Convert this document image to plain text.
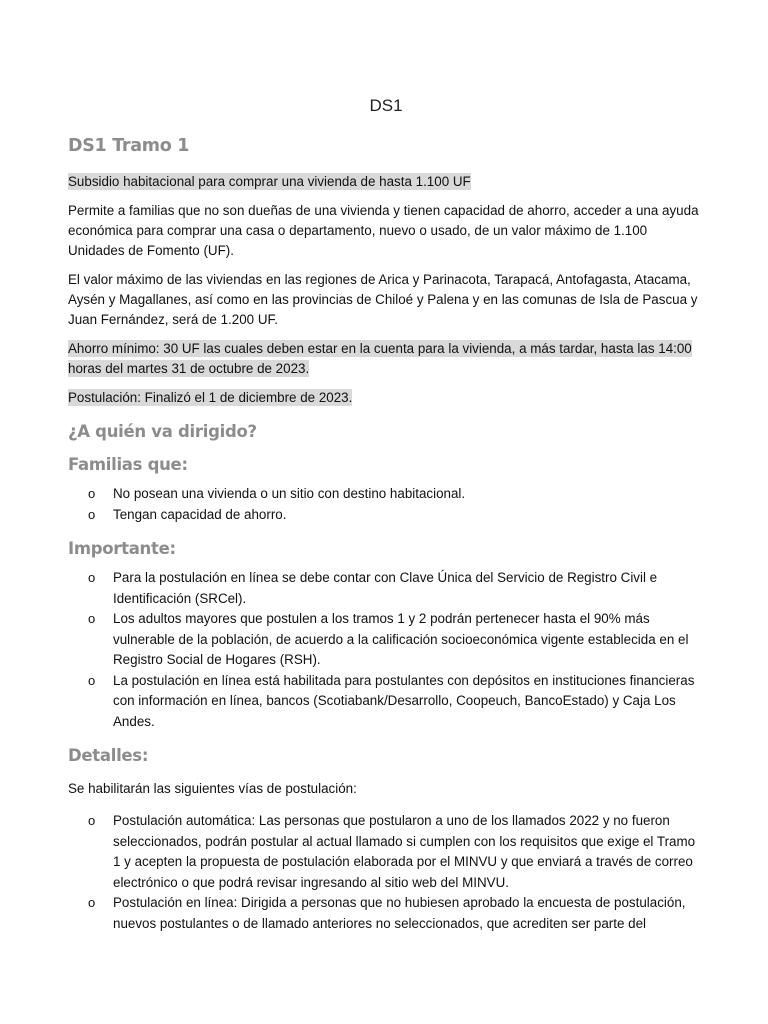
DS1
DS1 Tramo 1

Subsidio habitacional para comprar una vivienda de hasta 1.100 UF

Permite a familias que no son dueñas de una vivienda y tienen capacidad de ahorro, acceder a una ayuda económica para comprar una casa o departamento, nuevo o usado, de un valor máximo de 1.100 Unidades de Fomento (UF).

El valor máximo de las viviendas en las regiones de Arica y Parinacota, Tarapacá, Antofagasta, Atacama, Aysén y Magallanes, así como en las provincias de Chiloé y Palena y en las comunas de Isla de Pascua y Juan Fernández, será de 1.200 UF.

Ahorro mínimo: 30 UF las cuales deben estar en la cuenta para la vivienda, a más tardar, hasta las 14:00 horas del martes 31 de octubre de 2023.

Postulación: Finalizó el 1 de diciembre de 2023.

¿A quién va dirigido?
Familias que:
o No posean una vivienda o un sitio con destino habitacional.
o Tengan capacidad de ahorro.
Importante:
o Para la postulación en línea se debe contar con Clave Única del Servicio de Registro Civil e Identificación (SRCel).
o Los adultos mayores que postulen a los tramos 1 y 2 podrán pertenecer hasta el 90% más vulnerable de la población, de acuerdo a la calificación socioeconómica vigente establecida en el Registro Social de Hogares (RSH).
o La postulación en línea está habilitada para postulantes con depósitos en instituciones financieras con información en línea, bancos (Scotiabank/Desarrollo, Coopeuch, BancoEstado) y Caja Los Andes.
Detalles:

Se habilitarán las siguientes vías de postulación:

o Postulación automática: Las personas que postularon a uno de los llamados 2022 y no fueron seleccionados, podrán postular al actual llamado si cumplen con los requisitos que exige el Tramo 1 y acepten la propuesta de postulación elaborada por el MINVU y que enviará a través de correo electrónico o que podrá revisar ingresando al sitio web del MINVU.
o Postulación en línea: Dirigida a personas que no hubiesen aprobado la encuesta de postulación, nuevos postulantes o de llamado anteriores no seleccionados, que acrediten ser parte del
